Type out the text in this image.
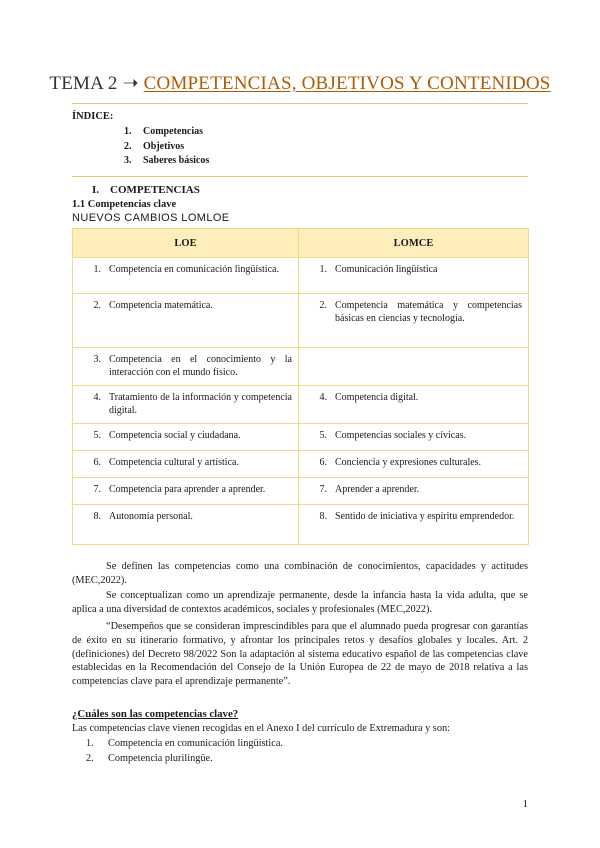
TEMA 2 ➝ COMPETENCIAS, OBJETIVOS Y CONTENIDOS
ÍNDICE:
1. Competencias
2. Objetivos
3. Saberes básicos
I. COMPETENCIAS
1.1 Competencias clave
NUEVOS CAMBIOS LOMLOE
LOE	LOMCE

1. Competencia en comunicación lingüística.	1. Comunicación lingüística

2. Competencia matemática.	2. Competencia matemática y competencias básicas en ciencias y tecnología.

3. Competencia en el conocimiento y la interacción con el mundo físico.	

4. Tratamiento de la información y competencia digital.	4. Competencia digital.

5. Competencia social y ciudadana.	5. Competencias sociales y cívicas.

6. Competencia cultural y artística.	6. Conciencia y expresiones culturales.

7. Competencia para aprender a aprender.	7. Aprender a aprender.

8. Autonomía personal.	8. Sentido de iniciativa y espíritu emprendedor.
Se definen las competencias como una combinación de conocimientos, capacidades y actitudes (MEC,2022).
Se conceptualizan como un aprendizaje permanente, desde la infancia hasta la vida adulta, que se aplica a una diversidad de contextos académicos, sociales y profesionales (MEC,2022).
“Desempeños que se consideran imprescindibles para que el alumnado pueda progresar con garantías de éxito en su itinerario formativo, y afrontar los principales retos y desafíos globales y locales. Art. 2 (definiciones) del Decreto 98/2022 Son la adaptación al sistema educativo español de las competencias clave establecidas en la Recomendación del Consejo de la Unión Europea de 22 de mayo de 2018 relativa a las competencias clave para el aprendizaje permanente”.
¿Cuáles son las competencias clave?
Las competencias clave vienen recogidas en el Anexo I del currículo de Extremadura y son:
1. Competencia en comunicación lingüística.
2. Competencia plurilingüe.
1
